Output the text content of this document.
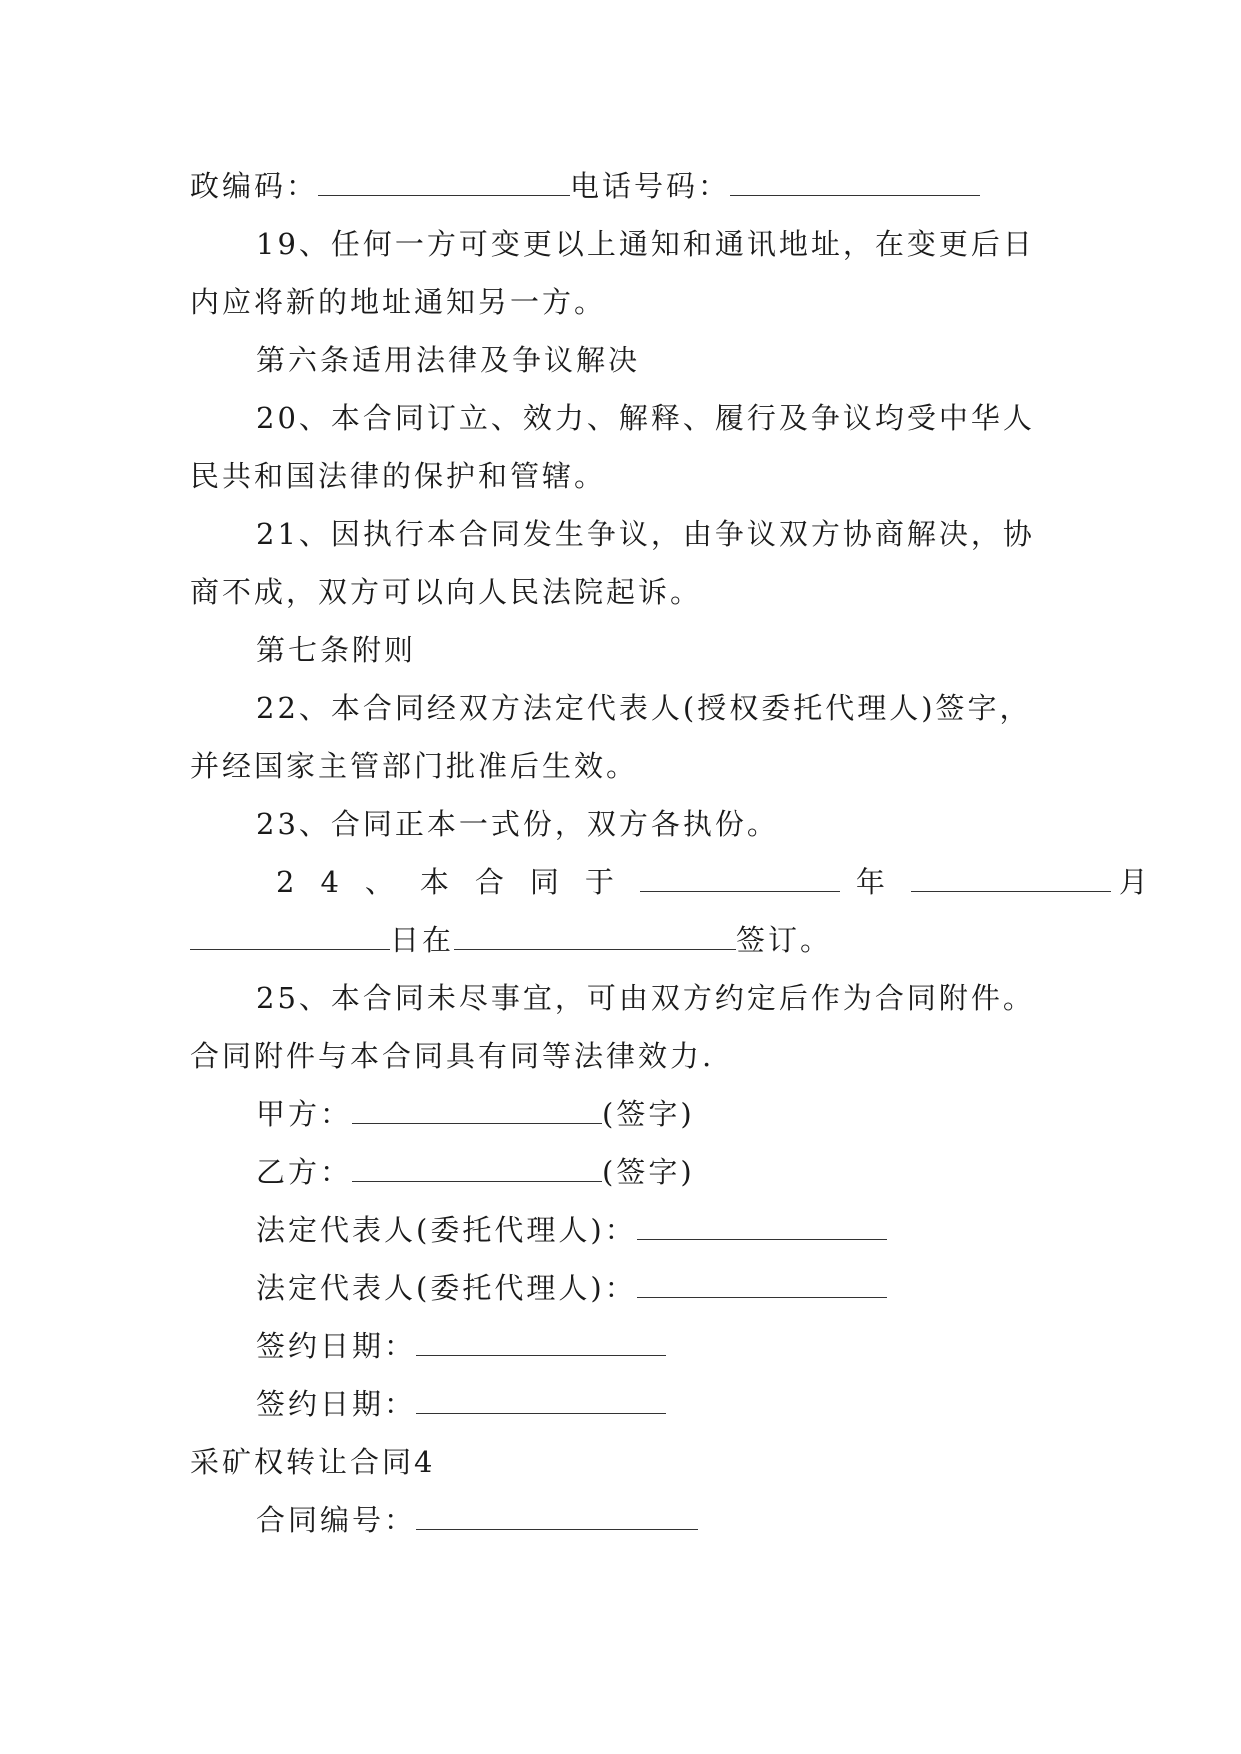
政编码：	电话号码：
19、任何一方可变更以上通知和通讯地址，在变更后日
内应将新的地址通知另一方。
第六条适用法律及争议解决
20、本合同订立、效力、解释、履行及争议均受中华人
民共和国法律的保护和管辖。
21、因执行本合同发生争议，由争议双方协商解决，协
商不成，双方可以向人民法院起诉。
第七条附则
22、本合同经双方法定代表人(授权委托代理人)签字，
并经国家主管部门批准后生效。
23、合同正本一式份，双方各执份。
24、本合同于	年	月
日在	签订。
25、本合同未尽事宜，可由双方约定后作为合同附件。
合同附件与本合同具有同等法律效力.
甲方：	(签字)
乙方：	(签字)
法定代表人(委托代理人)：
法定代表人(委托代理人)：
签约日期：
签约日期：
采矿权转让合同4
合同编号：
